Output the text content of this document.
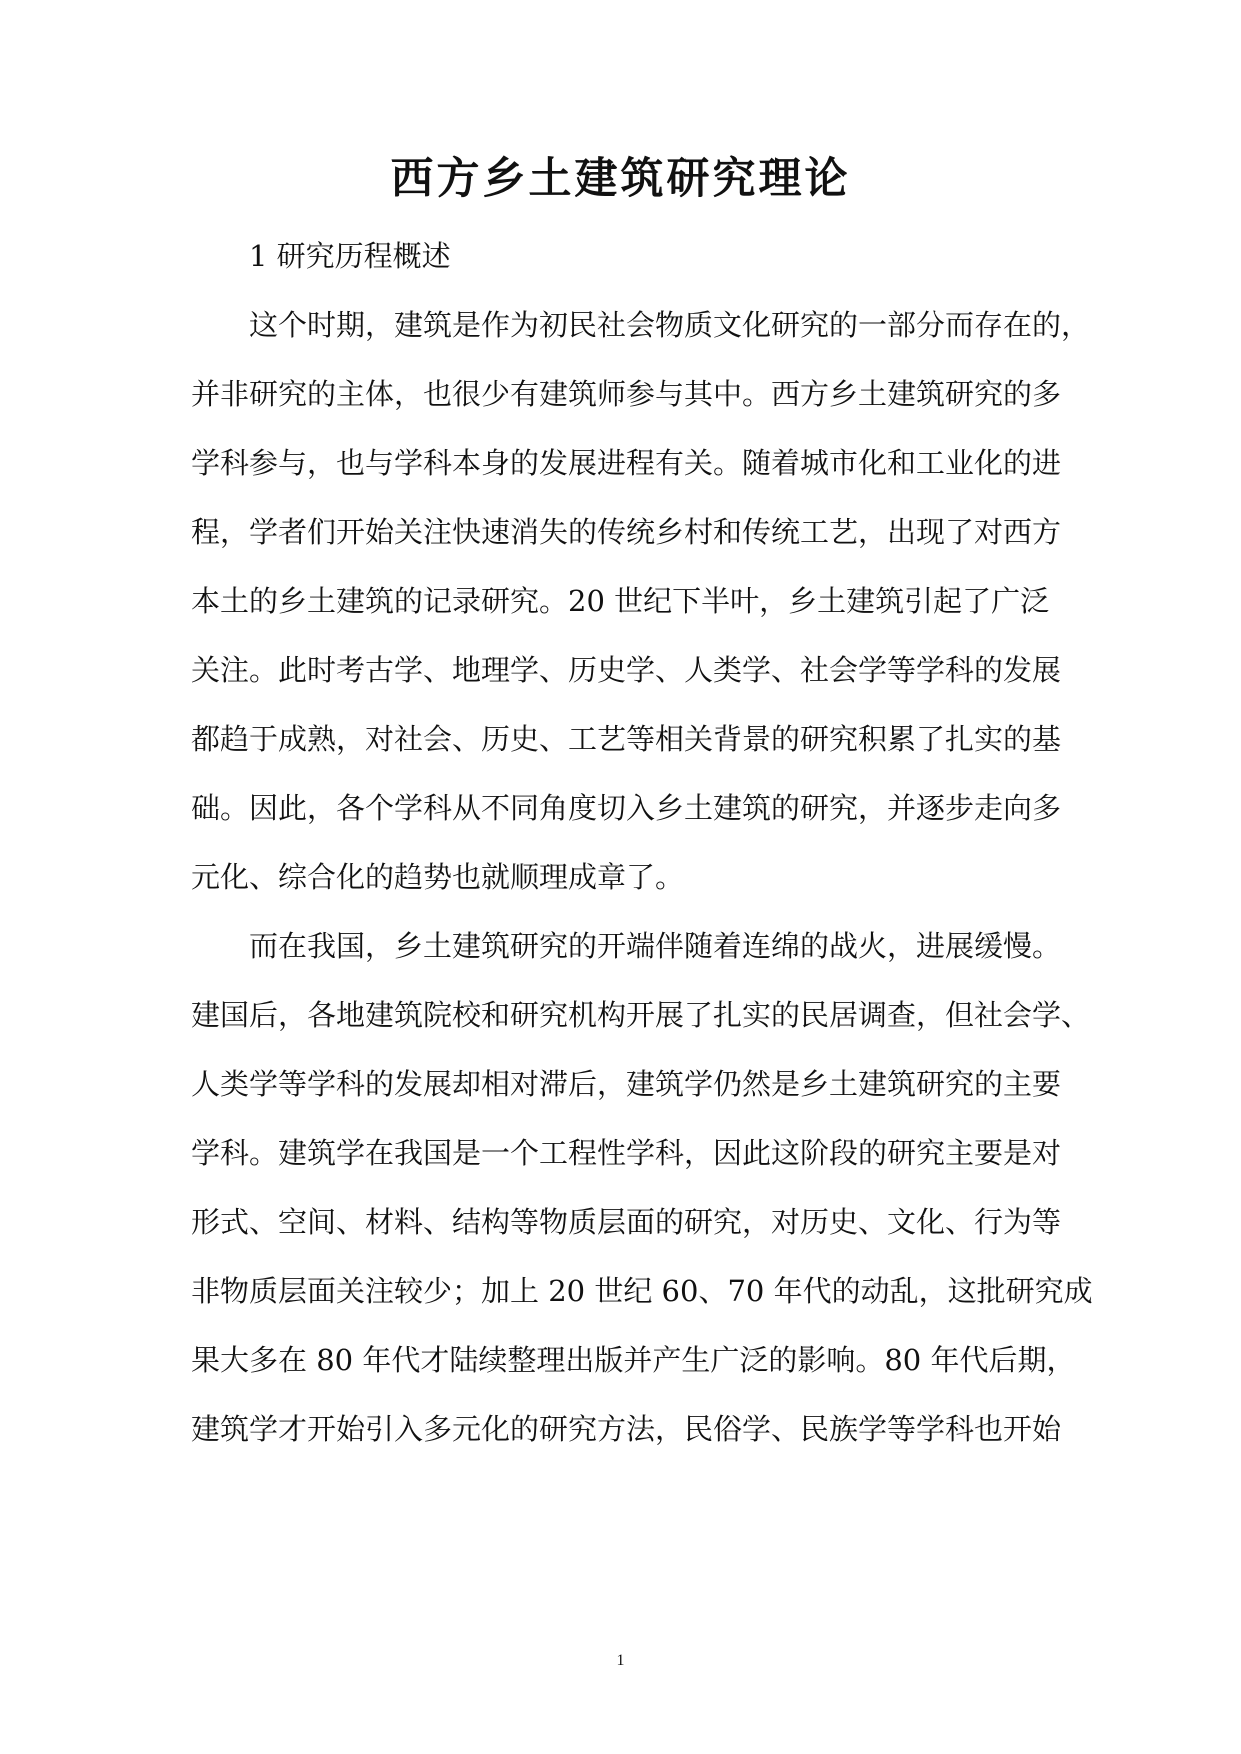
西方乡土建筑研究理论
1 研究历程概述
这个时期，建筑是作为初民社会物质文化研究的一部分而存在的，
并非研究的主体，也很少有建筑师参与其中。西方乡土建筑研究的多
学科参与，也与学科本身的发展进程有关。随着城市化和工业化的进
程，学者们开始关注快速消失的传统乡村和传统工艺，出现了对西方
本土的乡土建筑的记录研究。20 世纪下半叶，乡土建筑引起了广泛
关注。此时考古学、地理学、历史学、人类学、社会学等学科的发展
都趋于成熟，对社会、历史、工艺等相关背景的研究积累了扎实的基
础。因此，各个学科从不同角度切入乡土建筑的研究，并逐步走向多
元化、综合化的趋势也就顺理成章了。
而在我国，乡土建筑研究的开端伴随着连绵的战火，进展缓慢。
建国后，各地建筑院校和研究机构开展了扎实的民居调查，但社会学、
人类学等学科的发展却相对滞后，建筑学仍然是乡土建筑研究的主要
学科。建筑学在我国是一个工程性学科，因此这阶段的研究主要是对
形式、空间、材料、结构等物质层面的研究，对历史、文化、行为等
非物质层面关注较少；加上 20 世纪 60、70 年代的动乱，这批研究成
果大多在 80 年代才陆续整理出版并产生广泛的影响。80 年代后期，
建筑学才开始引入多元化的研究方法，民俗学、民族学等学科也开始
1
